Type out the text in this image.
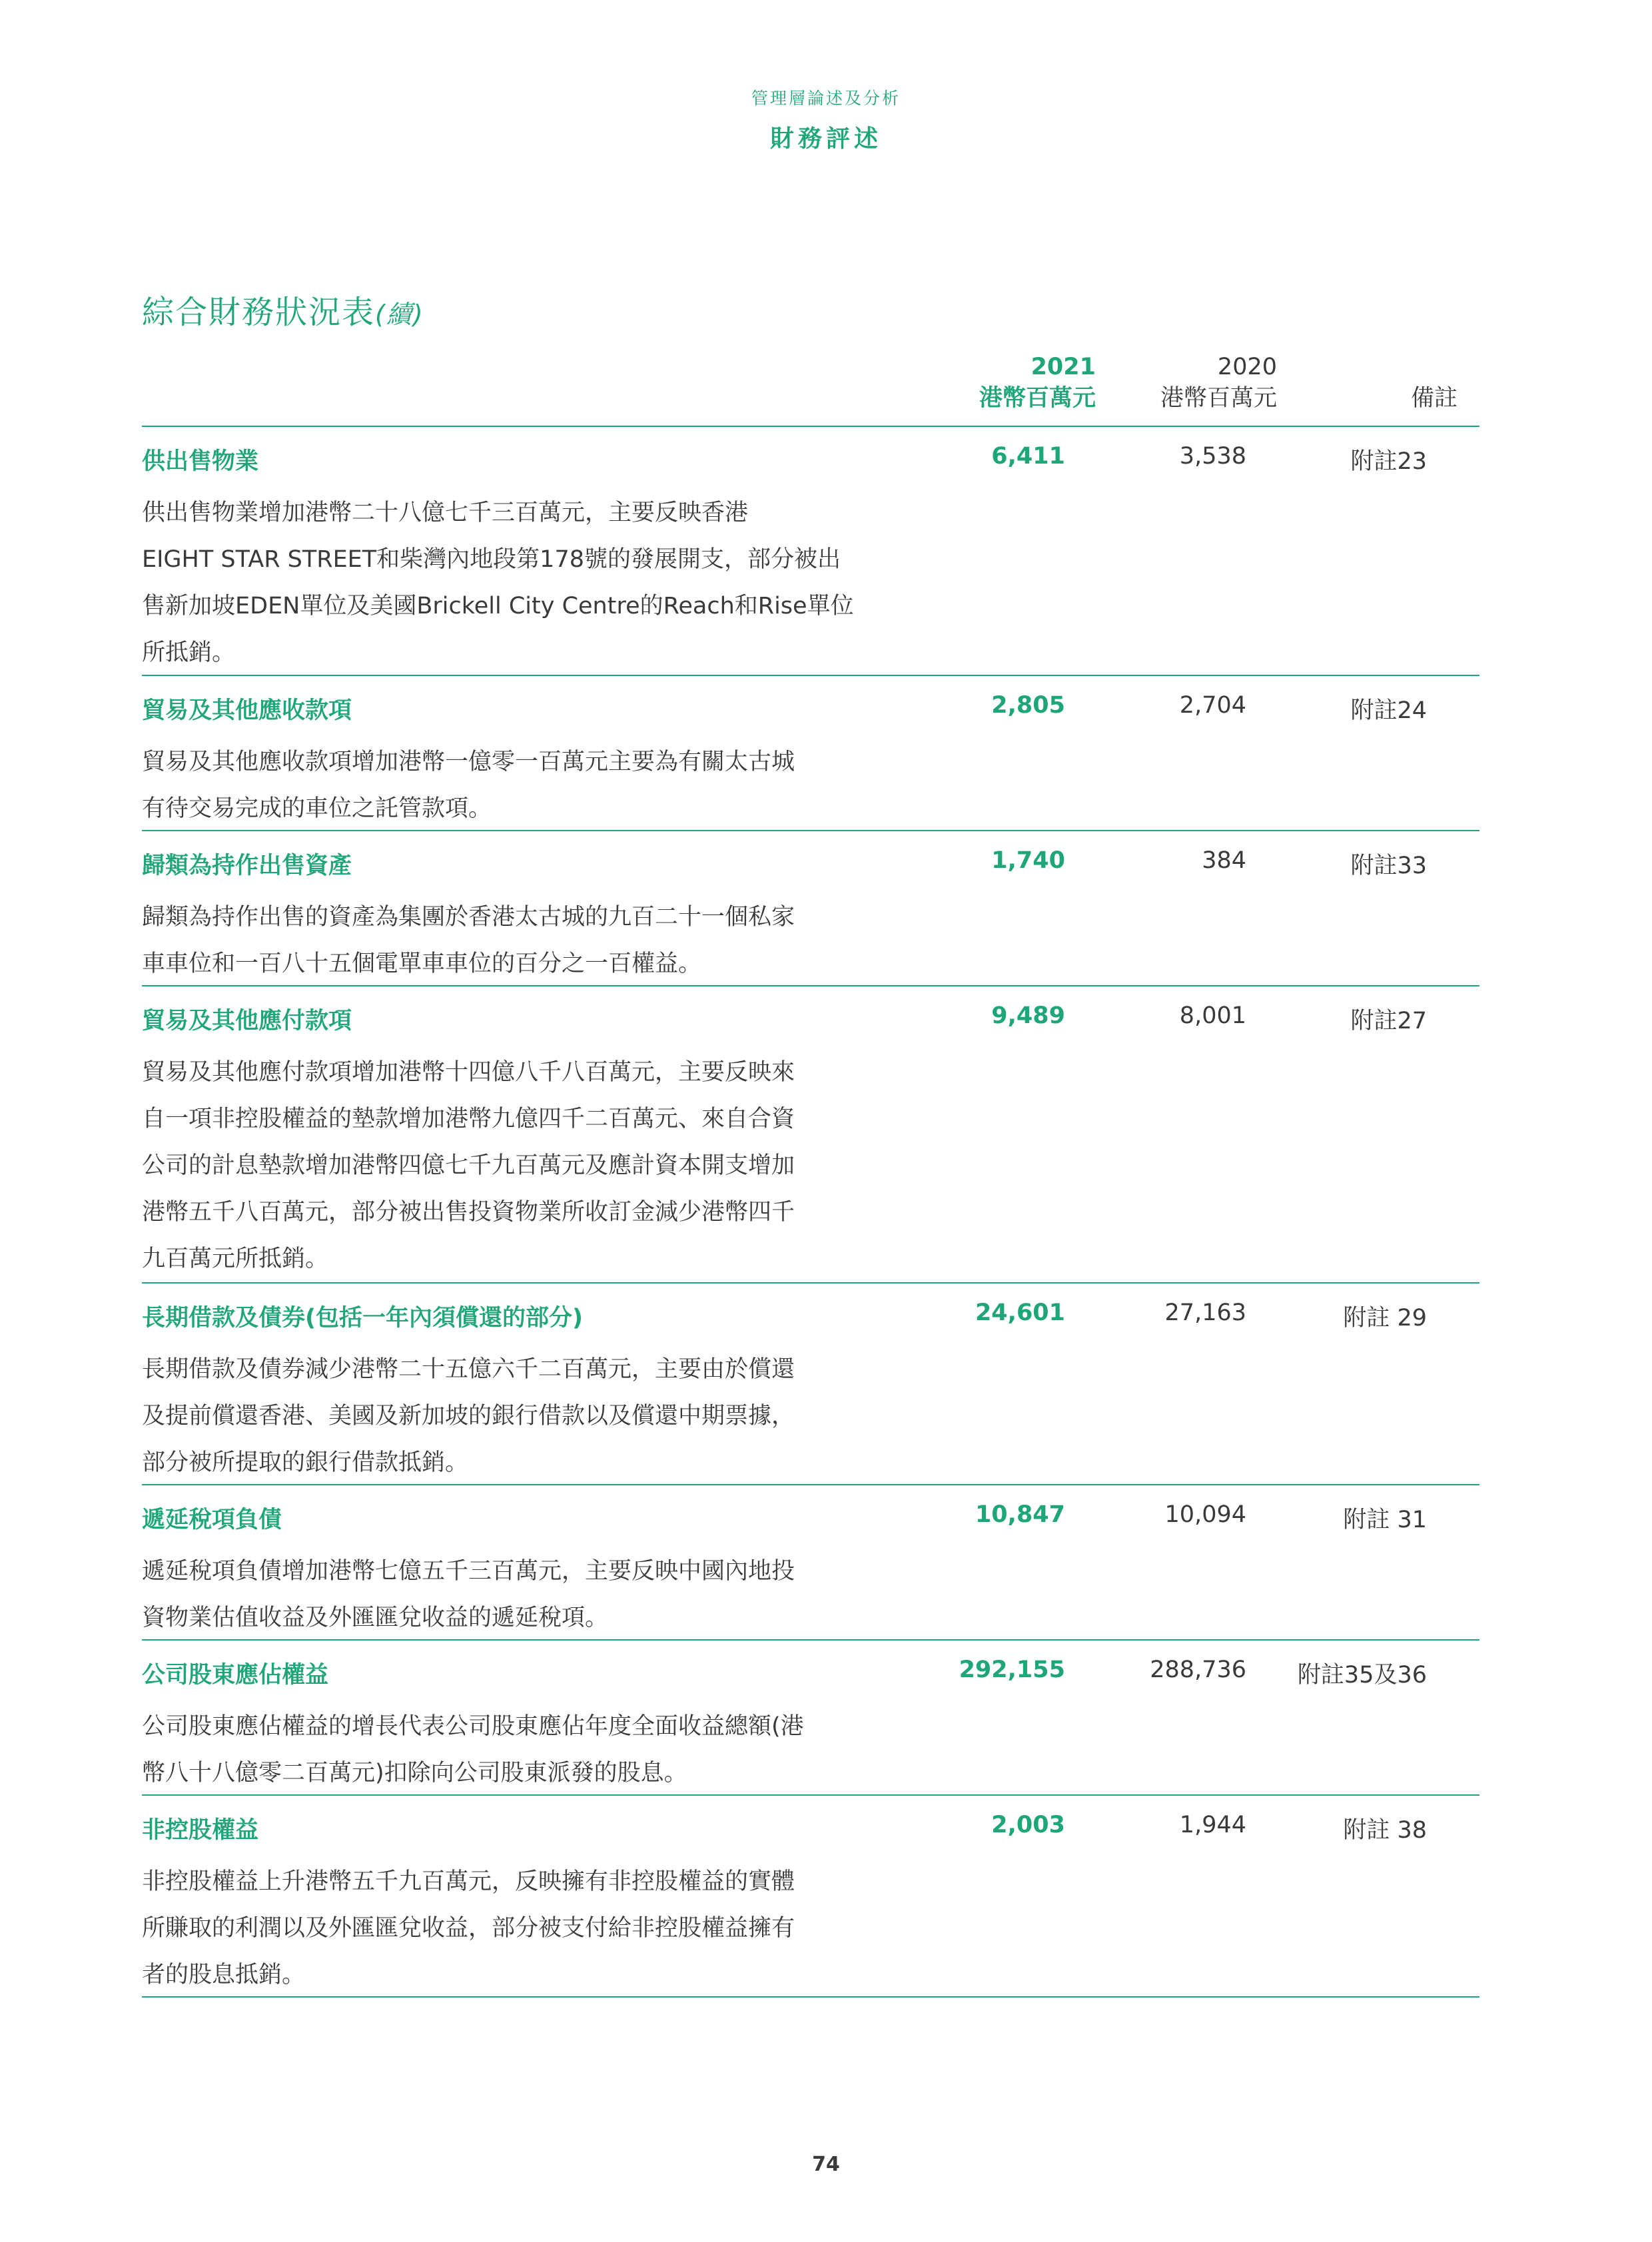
管理層論述及分析
財務評述
綜合財務狀況表(續)
2021
港幣百萬元
2020
港幣百萬元	備註
供出售物業	6,411	3,538	附註23
供出售物業增加港幣二十八億七千三百萬元，主要反映香港
EIGHT STAR STREET和柴灣內地段第178號的發展開支，部分被出
售新加坡EDEN單位及美國Brickell City Centre的Reach和Rise單位
所抵銷。
貿易及其他應收款項	2,805	2,704	附註24
貿易及其他應收款項增加港幣一億零一百萬元主要為有關太古城
有待交易完成的車位之託管款項。
歸類為持作出售資產	1,740	384	附註33
歸類為持作出售的資產為集團於香港太古城的九百二十一個私家
車車位和一百八十五個電單車車位的百分之一百權益。
貿易及其他應付款項	9,489	8,001	附註27
貿易及其他應付款項增加港幣十四億八千八百萬元，主要反映來
自一項非控股權益的墊款增加港幣九億四千二百萬元、來自合資
公司的計息墊款增加港幣四億七千九百萬元及應計資本開支增加
港幣五千八百萬元，部分被出售投資物業所收訂金減少港幣四千
九百萬元所抵銷。
長期借款及債券(包括一年內須償還的部分)	24,601	27,163	附註 29
長期借款及債券減少港幣二十五億六千二百萬元，主要由於償還
及提前償還香港、美國及新加坡的銀行借款以及償還中期票據，
部分被所提取的銀行借款抵銷。
遞延稅項負債	10,847	10,094	附註 31
遞延稅項負債增加港幣七億五千三百萬元，主要反映中國內地投
資物業估值收益及外匯匯兌收益的遞延稅項。
公司股東應佔權益	292,155	288,736 附註35及36
公司股東應佔權益的增長代表公司股東應佔年度全面收益總額(港
幣八十八億零二百萬元)扣除向公司股東派發的股息。
非控股權益	2,003	1,944	附註 38
非控股權益上升港幣五千九百萬元，反映擁有非控股權益的實體
所賺取的利潤以及外匯匯兌收益，部分被支付給非控股權益擁有
者的股息抵銷。
74
